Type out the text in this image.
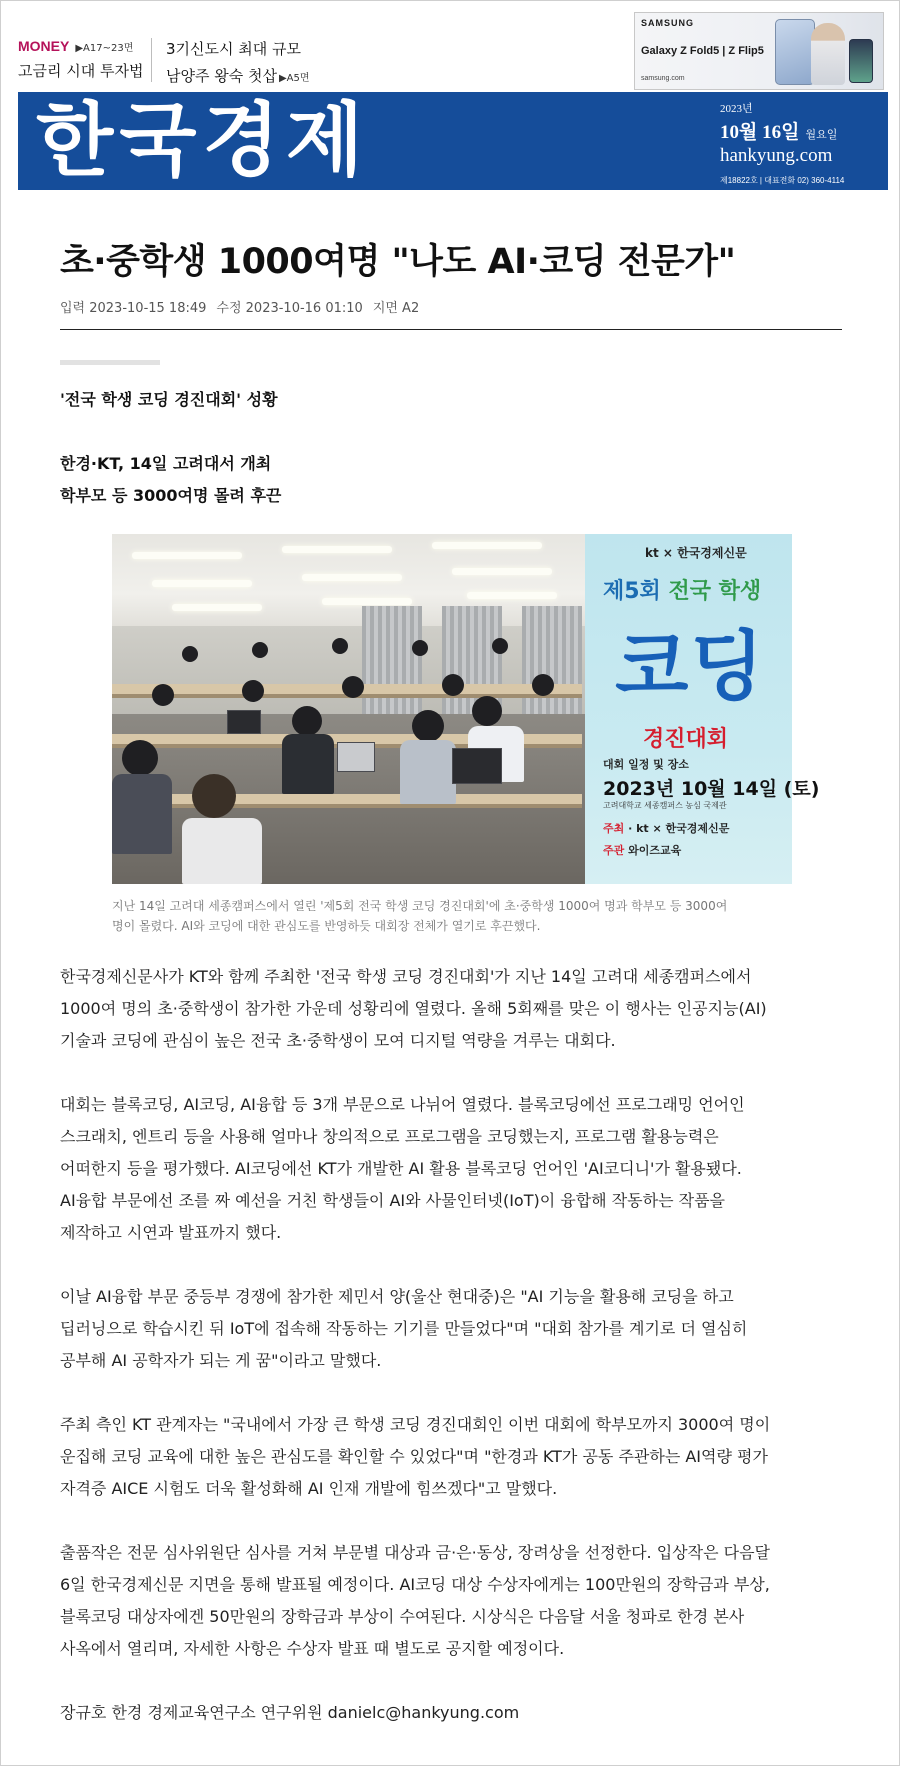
MONEY ▶A17~23면
고금리 시대 투자법
3기신도시 최대 규모
남양주 왕숙 첫삽 ▶A5면
SAMSUNG
Galaxy Z Fold5 | Z Flip5
samsung.com
한국경제	2023년
10월 16일 월요일
hankyung.com
제18822호 | 대표전화 02) 360-4114
초·중학생 1000여명 "나도 AI·코딩 전문가"
입력 2023-10-15 18:49 수정 2023-10-16 01:10 지면 A2
'전국 학생 코딩 경진대회' 성황
한경·KT, 14일 고려대서 개최
학부모 등 3000여명 몰려 후끈
kt × 한국경제신문
제5회 전국 학생
코딩
경진대회
대회 일정 및 장소
2023년 10월 14일 (토)
고려대학교 세종캠퍼스 농심 국제관
주최 · kt × 한국경제신문
주관 와이즈교육
지난 14일 고려대 세종캠퍼스에서 열린 '제5회 전국 학생 코딩 경진대회'에 초·중학생 1000여 명과 학부모 등 3000여
명이 몰렸다. AI와 코딩에 대한 관심도를 반영하듯 대회장 전체가 열기로 후끈했다.

한국경제신문사가 KT와 함께 주최한 '전국 학생 코딩 경진대회'가 지난 14일 고려대 세종캠퍼스에서

1000여 명의 초·중학생이 참가한 가운데 성황리에 열렸다. 올해 5회째를 맞은 이 행사는 인공지능(AI)

기술과 코딩에 관심이 높은 전국 초·중학생이 모여 디지털 역량을 겨루는 대회다.

대회는 블록코딩, AI코딩, AI융합 등 3개 부문으로 나뉘어 열렸다. 블록코딩에선 프로그래밍 언어인

스크래치, 엔트리 등을 사용해 얼마나 창의적으로 프로그램을 코딩했는지, 프로그램 활용능력은

어떠한지 등을 평가했다. AI코딩에선 KT가 개발한 AI 활용 블록코딩 언어인 'AI코디니'가 활용됐다.

AI융합 부문에선 조를 짜 예선을 거친 학생들이 AI와 사물인터넷(IoT)이 융합해 작동하는 작품을

제작하고 시연과 발표까지 했다.

이날 AI융합 부문 중등부 경쟁에 참가한 제민서 양(울산 현대중)은 "AI 기능을 활용해 코딩을 하고

딥러닝으로 학습시킨 뒤 IoT에 접속해 작동하는 기기를 만들었다"며 "대회 참가를 계기로 더 열심히

공부해 AI 공학자가 되는 게 꿈"이라고 말했다.

주최 측인 KT 관계자는 "국내에서 가장 큰 학생 코딩 경진대회인 이번 대회에 학부모까지 3000여 명이

운집해 코딩 교육에 대한 높은 관심도를 확인할 수 있었다"며 "한경과 KT가 공동 주관하는 AI역량 평가

자격증 AICE 시험도 더욱 활성화해 AI 인재 개발에 힘쓰겠다"고 말했다.

출품작은 전문 심사위원단 심사를 거쳐 부문별 대상과 금·은·동상, 장려상을 선정한다. 입상작은 다음달

6일 한국경제신문 지면을 통해 발표될 예정이다. AI코딩 대상 수상자에게는 100만원의 장학금과 부상,

블록코딩 대상자에겐 50만원의 장학금과 부상이 수여된다. 시상식은 다음달 서울 청파로 한경 본사

사옥에서 열리며, 자세한 사항은 수상자 발표 때 별도로 공지할 예정이다.

장규호 한경 경제교육연구소 연구위원 danielc@hankyung.com
